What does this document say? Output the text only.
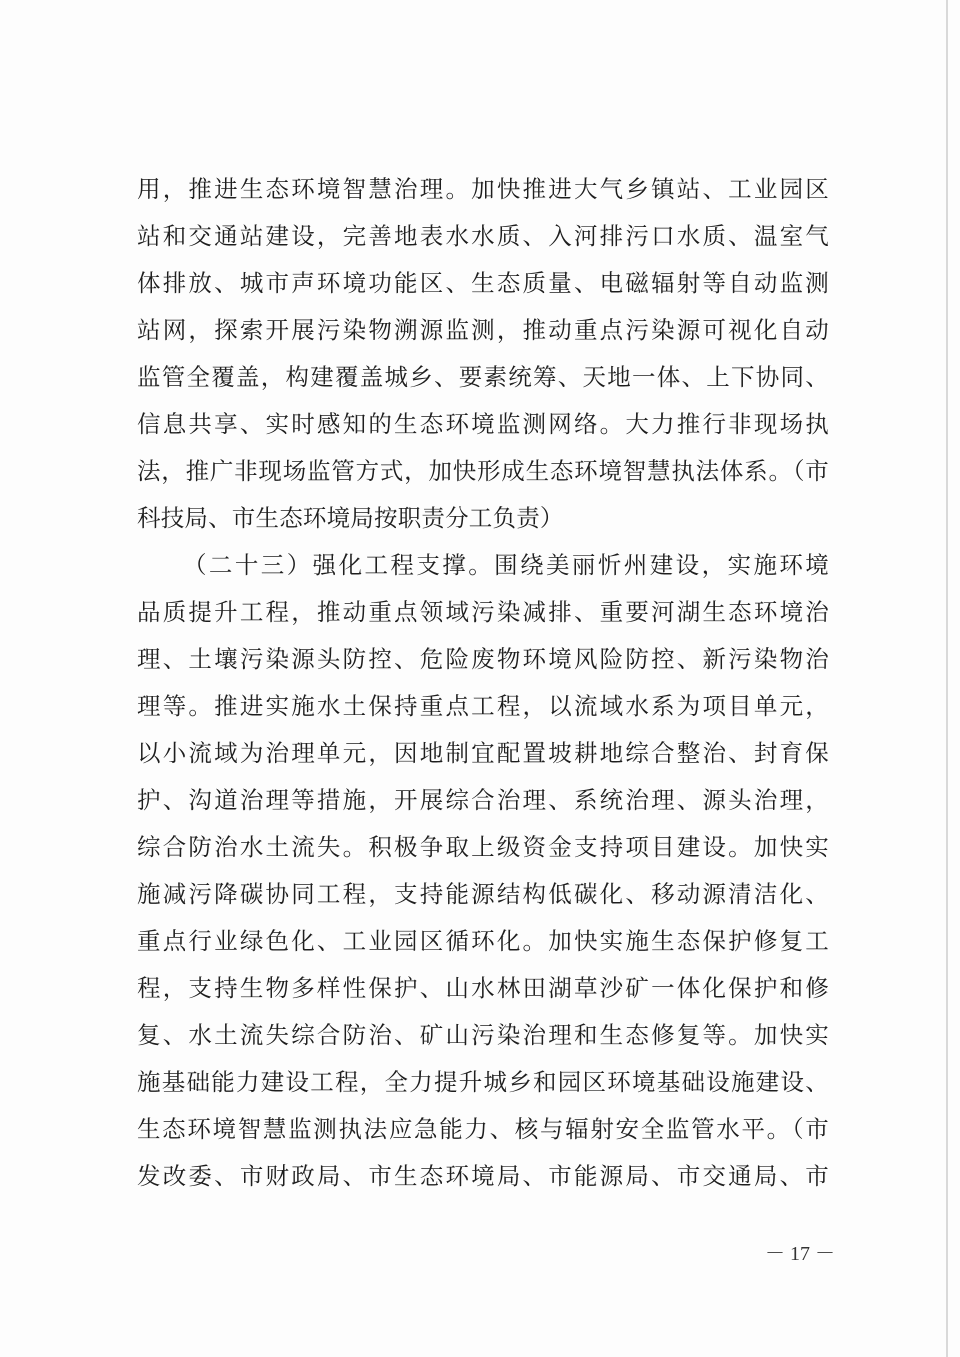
用，推进生态环境智慧治理。加快推进大气乡镇站、工业园区
站和交通站建设，完善地表水水质、入河排污口水质、温室气
体排放、城市声环境功能区、生态质量、电磁辐射等自动监测
站网，探索开展污染物溯源监测，推动重点污染源可视化自动
监管全覆盖，构建覆盖城乡、要素统筹、天地一体、上下协同、
信息共享、实时感知的生态环境监测网络。大力推行非现场执
法，推广非现场监管方式，加快形成生态环境智慧执法体系。（市
科技局、市生态环境局按职责分工负责）
（二十三）强化工程支撑。围绕美丽忻州建设，实施环境
品质提升工程，推动重点领域污染减排、重要河湖生态环境治
理、土壤污染源头防控、危险废物环境风险防控、新污染物治
理等。推进实施水土保持重点工程，以流域水系为项目单元，
以小流域为治理单元，因地制宜配置坡耕地综合整治、封育保
护、沟道治理等措施，开展综合治理、系统治理、源头治理，
综合防治水土流失。积极争取上级资金支持项目建设。加快实
施减污降碳协同工程，支持能源结构低碳化、移动源清洁化、
重点行业绿色化、工业园区循环化。加快实施生态保护修复工
程，支持生物多样性保护、山水林田湖草沙矿一体化保护和修
复、水土流失综合防治、矿山污染治理和生态修复等。加快实
施基础能力建设工程，全力提升城乡和园区环境基础设施建设、
生态环境智慧监测执法应急能力、核与辐射安全监管水平。（市
发改委、市财政局、市生态环境局、市能源局、市交通局、市
－ 17 －
